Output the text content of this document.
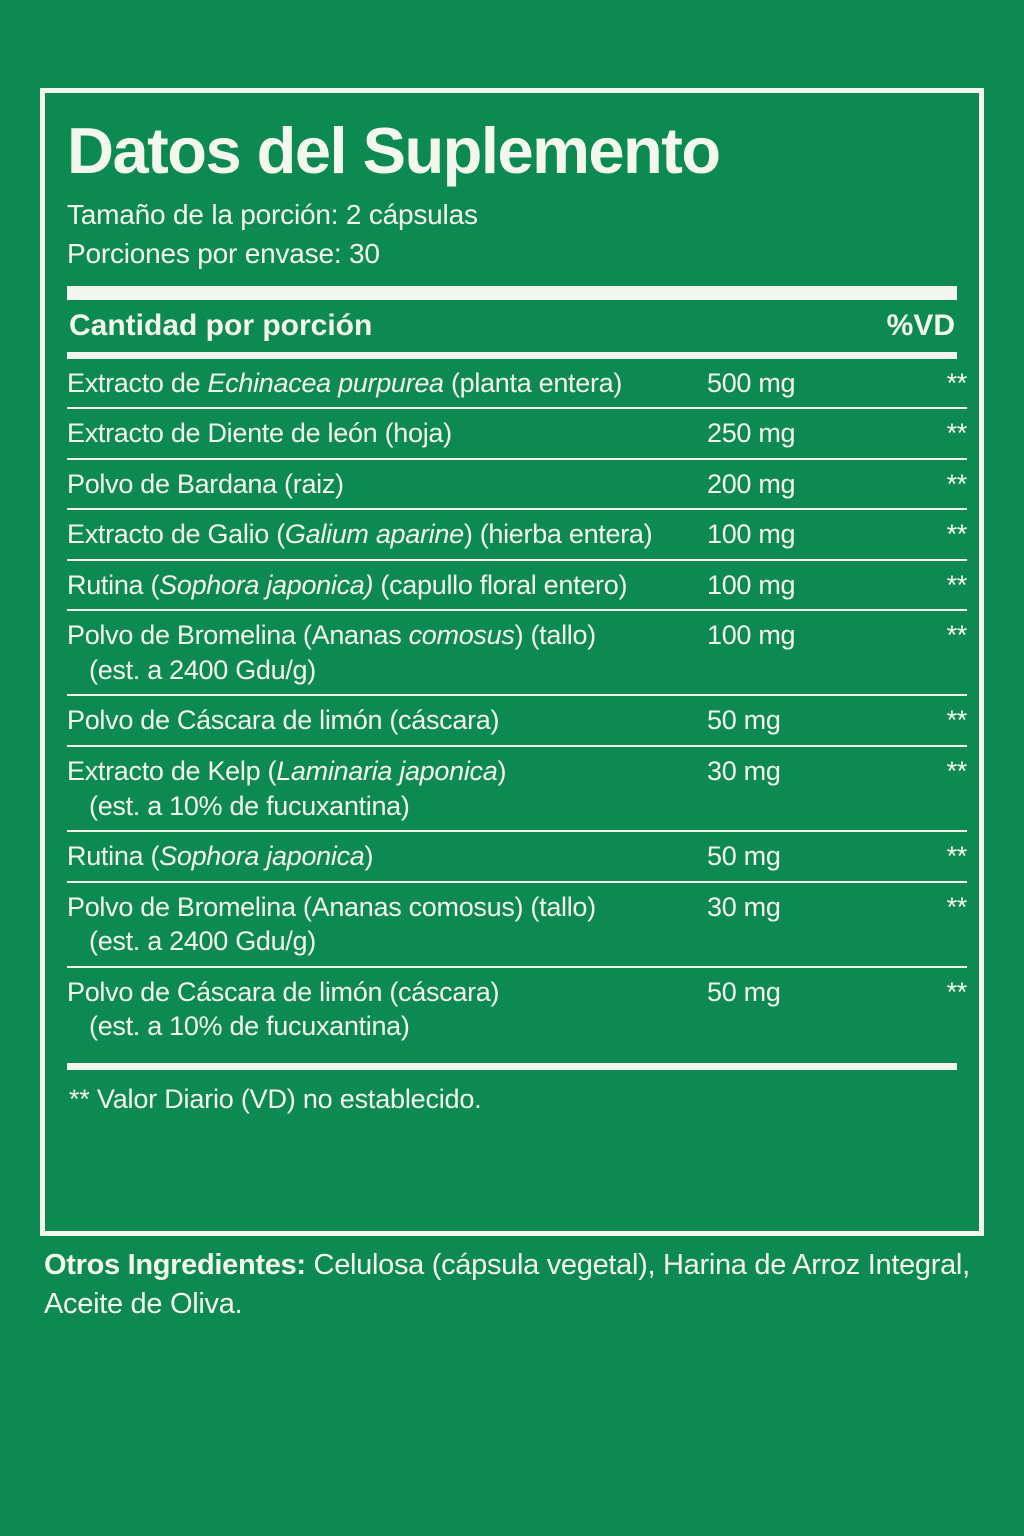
Datos del Suplemento
Tamaño de la porción: 2 cápsulas
Porciones por envase: 30
Cantidad por porción	%VD
Extracto de Echinacea purpurea (planta entera)	500 mg	**
Extracto de Diente de león (hoja)	250 mg	**
Polvo de Bardana (raiz)	200 mg	**
Extracto de Galio (Galium aparine) (hierba entera)	100 mg	**
Rutina (Sophora japonica) (capullo floral entero)	100 mg	**
Polvo de Bromelina (Ananas comosus) (tallo)
(est. a 2400 Gdu/g)	100 mg	**
Polvo de Cáscara de limón (cáscara)	50 mg	**
Extracto de Kelp (Laminaria japonica)
(est. a 10% de fucuxantina)	30 mg	**
Rutina (Sophora japonica)	50 mg	**
Polvo de Bromelina (Ananas comosus) (tallo)
(est. a 2400 Gdu/g)	30 mg	**
Polvo de Cáscara de limón (cáscara)
(est. a 10% de fucuxantina)	50 mg	**
** Valor Diario (VD) no establecido.
Otros Ingredientes: Celulosa (cápsula vegetal), Harina de Arroz Integral, Aceite de Oliva.
